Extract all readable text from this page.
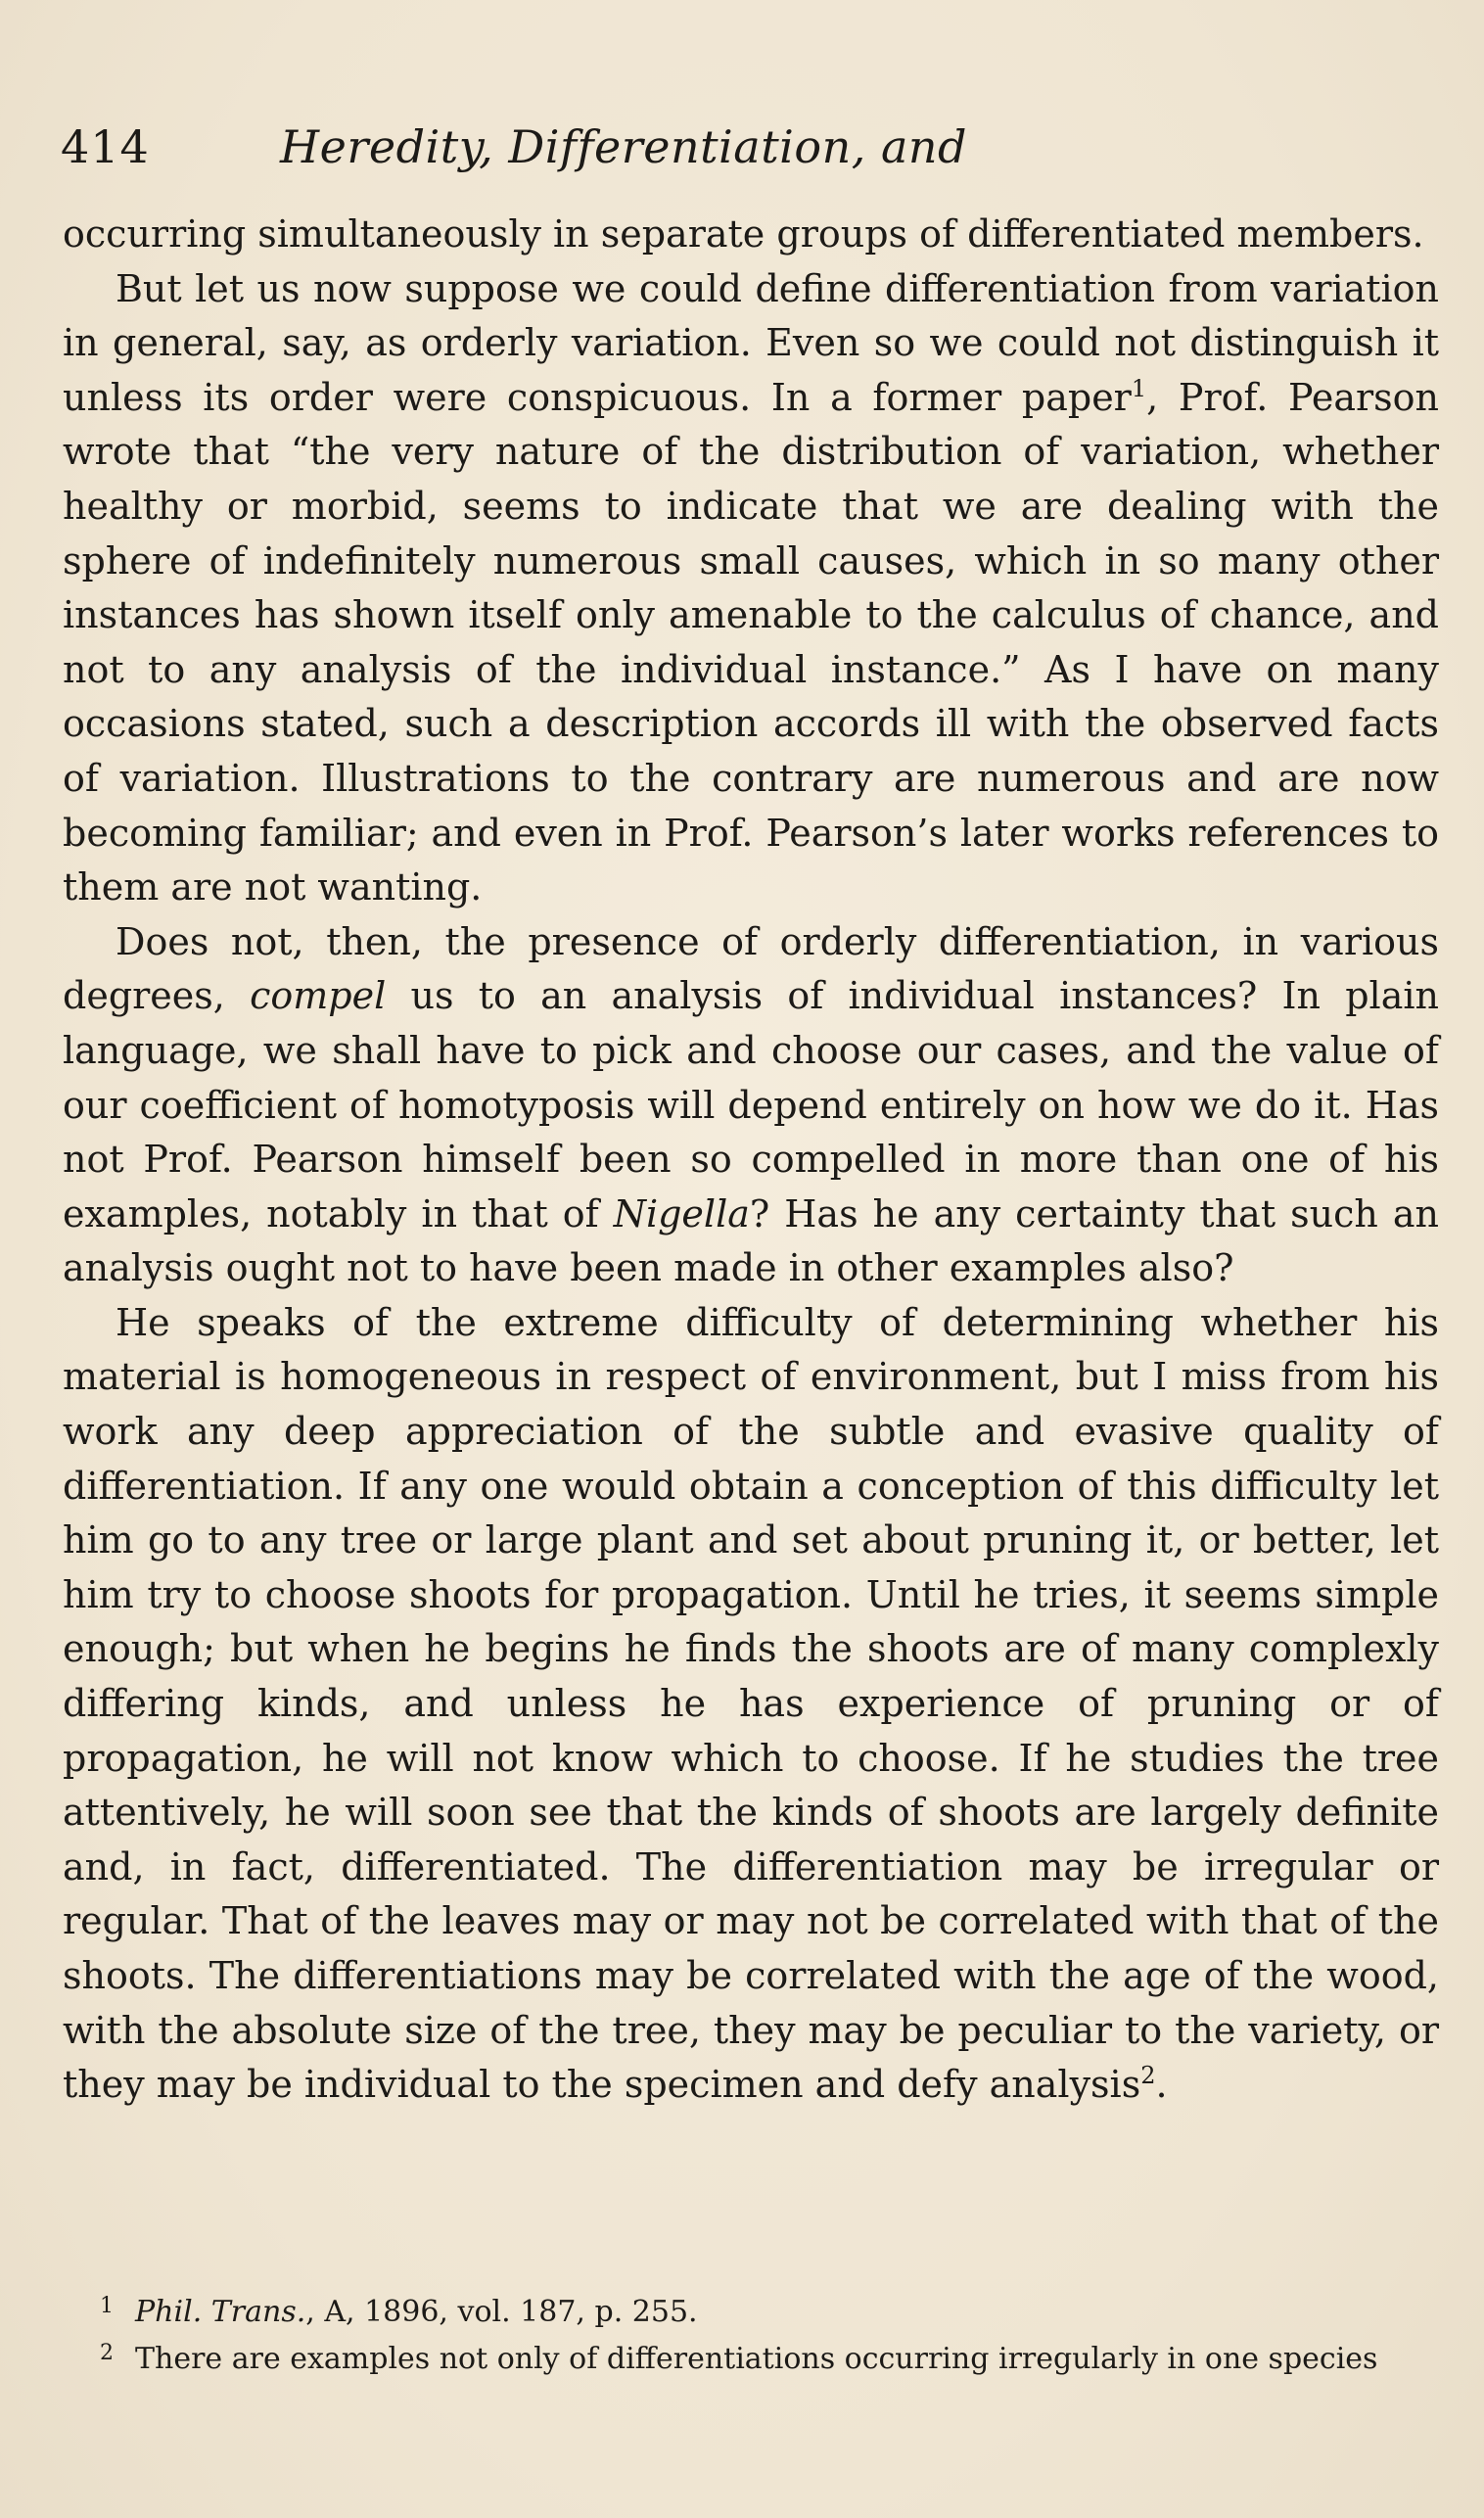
414	Heredity, Differentiation, and

occurring simultaneously in separate groups of differentiated members.

But let us now suppose we could define differentiation from variation in general, say, as orderly variation. Even so we could not distinguish it unless its order were conspicuous. In a former paper$^1$, Prof. Pearson wrote that “the very nature of the distribution of variation, whether healthy or morbid, seems to indicate that we are dealing with the sphere of indefinitely numerous small causes, which in so many other instances has shown itself only amenable to the calculus of chance, and not to any analysis of the individual instance.” As I have on many occasions stated, such a description accords ill with the observed facts of variation. Illustrations to the contrary are numerous and are now becoming familiar; and even in Prof. Pearson’s later works references to them are not wanting.

Does not, then, the presence of orderly differentiation, in various degrees, compel us to an analysis of individual instances? In plain language, we shall have to pick and choose our cases, and the value of our coefficient of homotyposis will depend entirely on how we do it. Has not Prof. Pearson himself been so compelled in more than one of his examples, notably in that of Nigella? Has he any certainty that such an analysis ought not to have been made in other examples also?

He speaks of the extreme difficulty of determining whether his material is homogeneous in respect of environment, but I miss from his work any deep appreciation of the subtle and evasive quality of differentiation. If any one would obtain a conception of this difficulty let him go to any tree or large plant and set about pruning it, or better, let him try to choose shoots for propagation. Until he tries, it seems simple enough; but when he begins he finds the shoots are of many complexly differing kinds, and unless he has experience of pruning or of propagation, he will not know which to choose. If he studies the tree attentively, he will soon see that the kinds of shoots are largely definite and, in fact, differentiated. The differentiation may be irregular or regular. That of the leaves may or may not be correlated with that of the shoots. The differentiations may be correlated with the age of the wood, with the absolute size of the tree, they may be peculiar to the variety, or they may be individual to the specimen and defy analysis$^2$.

1 Phil. Trans., A, 1896, vol. 187, p. 255.

2 There are examples not only of differentiations occurring irregularly in one species
